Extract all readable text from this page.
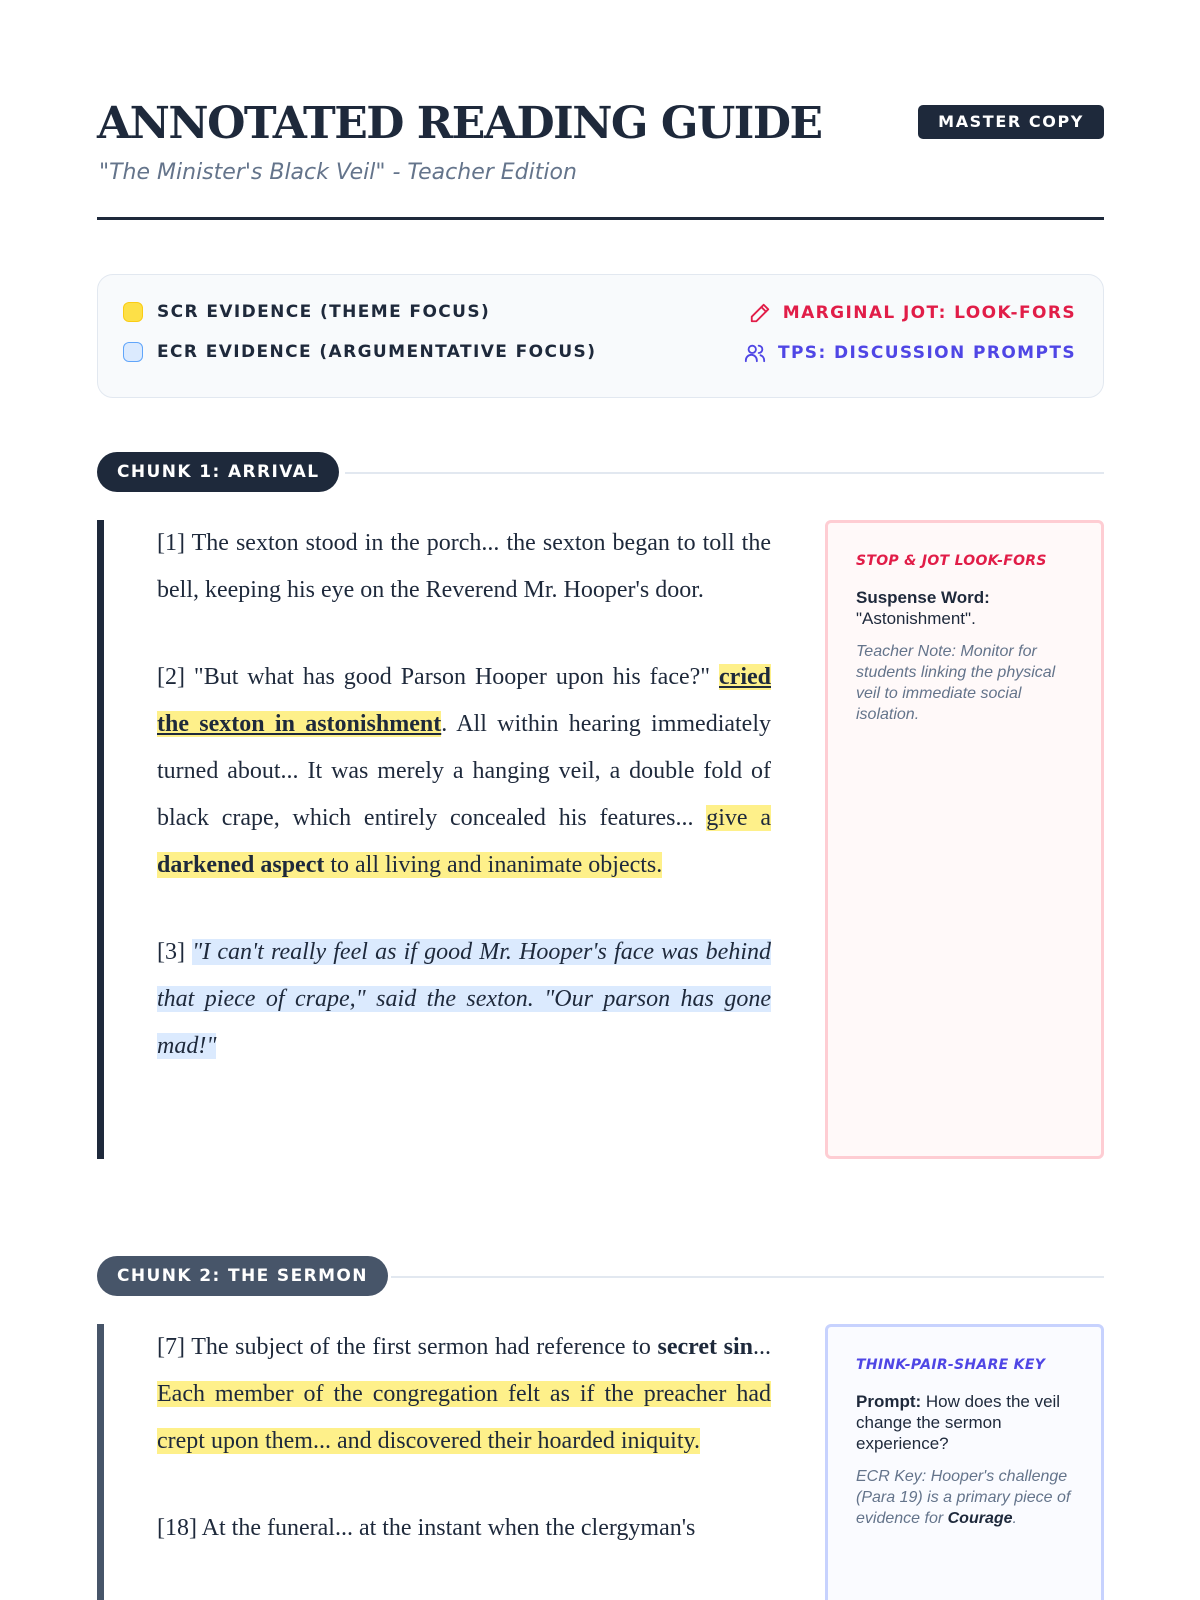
ANNOTATED READING GUIDE
"The Minister's Black Veil" - Teacher Edition
MASTER COPY
SCR EVIDENCE (THEME FOCUS)
ECR EVIDENCE (ARGUMENTATIVE FOCUS)
MARGINAL JOT: LOOK-FORS
TPS: DISCUSSION PROMPTS
CHUNK 1: ARRIVAL

[1] The sexton stood in the porch... the sexton began to toll the bell, keeping his eye on the Reverend Mr. Hooper's door.

[2] "But what has good Parson Hooper upon his face?" cried the sexton in astonishment. All within hearing immediately turned about... It was merely a hanging veil, a double fold of black crape, which entirely concealed his features... give a darkened aspect to all living and inanimate objects.

[3] "I can't really feel as if good Mr. Hooper's face was behind that piece of crape," said the sexton. "Our parson has gone mad!"

STOP & JOT LOOK-FORS
Suspense Word:
"Astonishment".
Teacher Note: Monitor for students linking the physical veil to immediate social isolation.
CHUNK 2: THE SERMON

[7] The subject of the first sermon had reference to secret sin... Each member of the congregation felt as if the preacher had crept upon them... and discovered their hoarded iniquity.

[18] At the funeral... at the instant when the clergyman's

THINK-PAIR-SHARE KEY
Prompt: How does the veil change the sermon experience?
ECR Key: Hooper's challenge (Para 19) is a primary piece of evidence for Courage.
